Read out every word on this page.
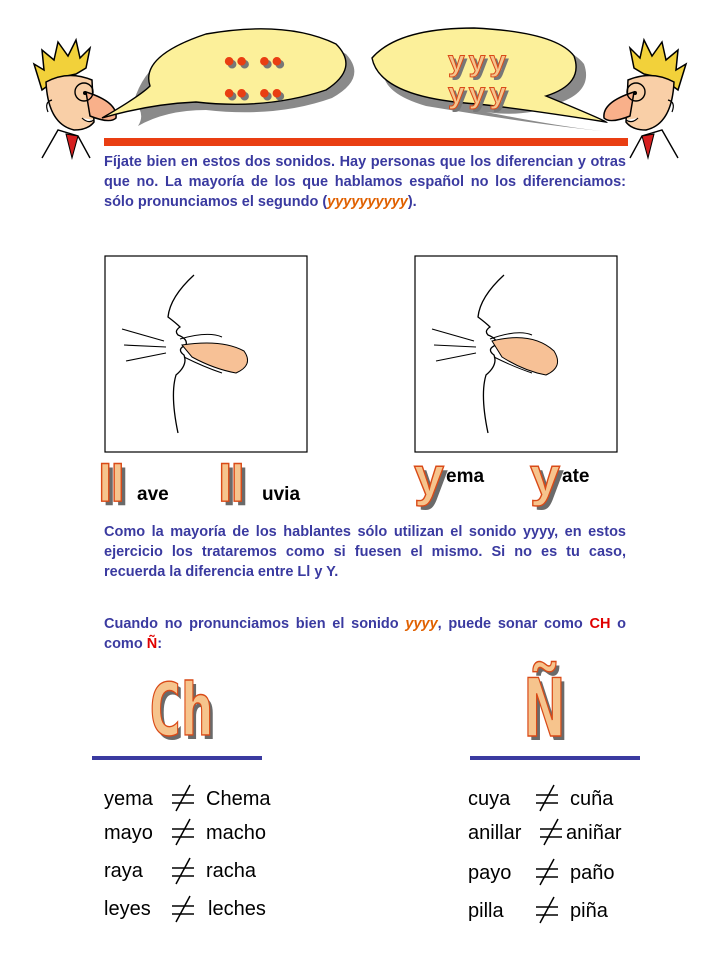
•• ••
•• ••
yyy
yyy
Fíjate bien en estos dos sonidos. Hay personas que los diferencian y otras que no. La mayoría de los que hablamos español no los diferenciamos: sólo pronunciamos el segundo (yyyyyyyyyy).
ll ave ll uvia y ema y ate
Como la mayoría de los hablantes sólo utilizan el sonido yyyy, en estos ejercicio los trataremos como si fuesen el mismo. Si no es tu caso, recuerda la diferencia entre Ll y Y.
Cuando no pronunciamos bien el sonido yyyy, puede sonar como CH o como Ñ:
Ch	Ñ
yema	Chema
mayo	macho
raya	racha
leyes	leches
cuya	cuña
anillar aniñar
payo	paño
pilla	piña
